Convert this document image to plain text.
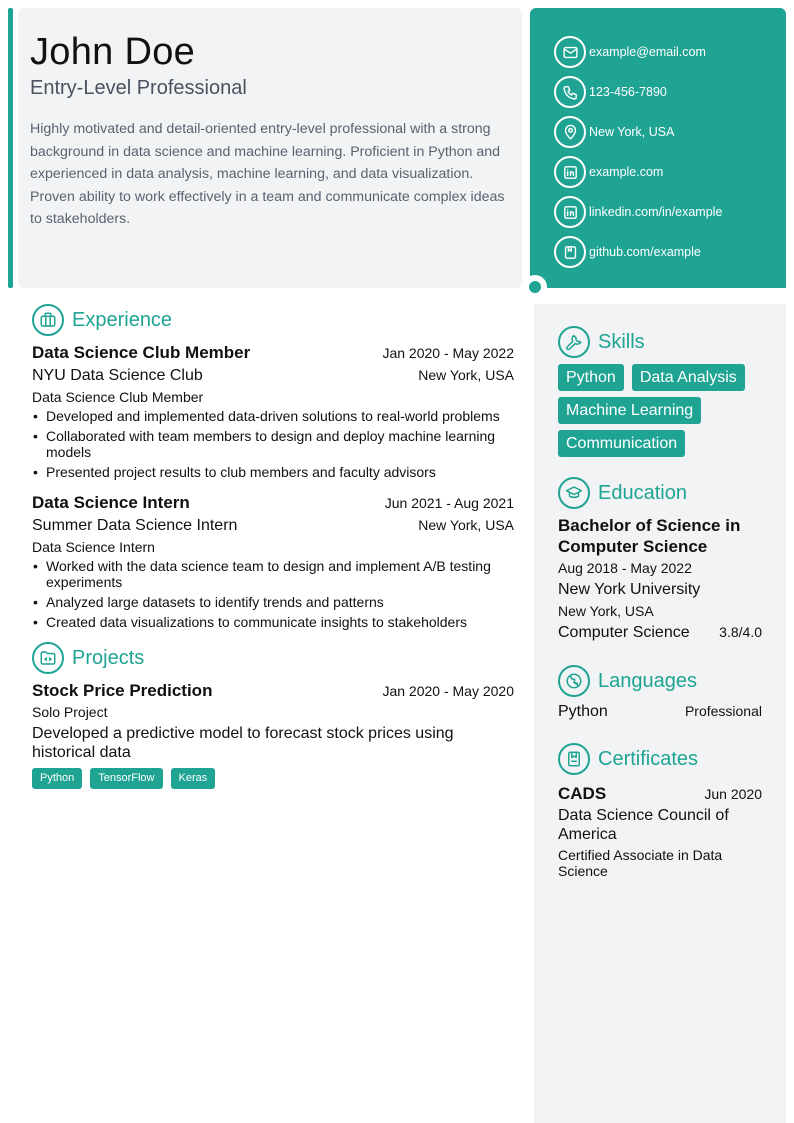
John Doe
Entry-Level Professional
Highly motivated and detail-oriented entry-level professional with a strong background in data science and machine learning. Proficient in Python and experienced in data analysis, machine learning, and data visualization. Proven ability to work effectively in a team and communicate complex ideas to stakeholders.
example@email.com
123-456-7890
New York, USA
example.com
linkedin.com/in/example
github.com/example
Experience
Data Science Club Member	Jan 2020 - May 2022
NYU Data Science Club	New York, USA
Data Science Club Member
• Developed and implemented data-driven solutions to real-world problems
• Collaborated with team members to design and deploy machine learning models
• Presented project results to club members and faculty advisors
Data Science Intern	Jun 2021 - Aug 2021
Summer Data Science Intern	New York, USA
Data Science Intern
• Worked with the data science team to design and implement A/B testing experiments
• Analyzed large datasets to identify trends and patterns
• Created data visualizations to communicate insights to stakeholders
Projects
Stock Price Prediction	Jan 2020 - May 2020
Solo Project
Developed a predictive model to forecast stock prices using historical data
Python	TensorFlow	Keras
Skills
Python	Data Analysis
Machine Learning
Communication
Education
Bachelor of Science in Computer Science
Aug 2018 - May 2022
New York University
New York, USA
Computer Science 3.8/4.0
Languages
Python	Professional
Certificates
CADS	Jun 2020
Data Science Council of America
Certified Associate in Data Science
